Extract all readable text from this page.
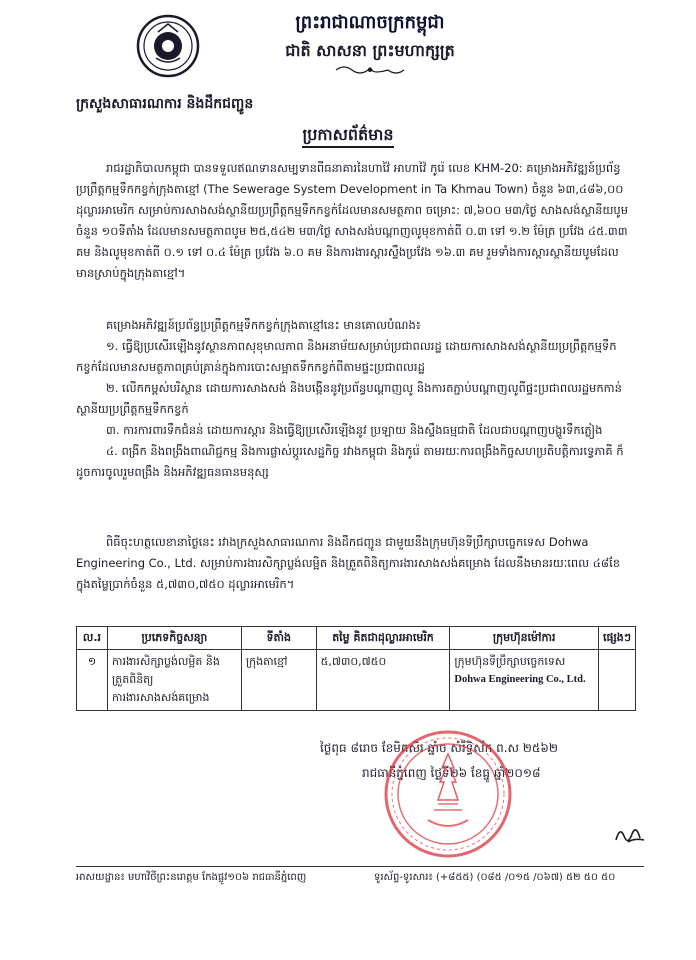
ព្រះរាជាណាចក្រកម្ពុជា
ជាតិ សាសនា ព្រះមហាក្សត្រ
ក្រសួងសាធារណការ និងដឹកជញ្ជូន
ប្រកាសព័ត៌មាន
រាជរដ្ឋាភិបាលកម្ពុជា បានទទួលឥណទានសម្បទានពីធនាគារនៃហាវ៉ៃ អាហាវ៉ៃ កូរ៉េ លេខ KHM-20: គម្រោងអភិវឌ្ឍន៍ប្រព័ន្ធប្រព្រឹត្តកម្មទឹកកខ្វក់ក្រុងតាខ្មៅ (The Sewerage System Development in Ta Khmau Town) ចំនួន ៦៣,៤៨៦,០០ ដុល្លារអាមេរិក សម្រាប់ការសាងសង់ស្ថានីយប្រព្រឹត្តកម្មទឹកកខ្វក់ដែលមានសមត្ថភាព ចម្រោះ: ៧,៦០០ ម៣/ថ្ងៃ សាងសង់ស្ថានីយបូមចំនួន ១០ទីតាំង ដែលមានសមត្ថភាពបូម ២៥,៥៤២ ម៣/ថ្ងៃ សាងសង់បណ្តាញលូមុខកាត់ពី ០.៣ ទៅ ១.២ ម៉ែត្រ ប្រវែង ៤៥.៣៣ គម និងលូមុខកាត់ពី ០.១ ទៅ ០.៤ ម៉ែត្រ ប្រវែង ៦.០ គម និងការងារស្តារស្ទឹងប្រវែង ១៦.៣ គម រួមទាំងការស្តារស្ថានីយបូមដែលមានស្រាប់ក្នុងក្រុងតាខ្មៅ។
គម្រោងអភិវឌ្ឍន៍ប្រព័ន្ធប្រព្រឹត្តកម្មទឹកកខ្វក់ក្រុងតាខ្មៅនេះ មានគោលបំណង៖
១. ធ្វើឱ្យប្រសើរឡើងនូវស្ថានភាពសុខុមាលភាព និងអនាម័យសម្រាប់ប្រជាពលរដ្ឋ ដោយការសាងសង់ស្ថានីយប្រព្រឹត្តកម្មទឹកកខ្វក់ដែលមានសមត្ថភាពគ្រប់គ្រាន់ក្នុងការបោះសម្អាតទឹកកខ្វក់ពីតាមផ្ទះប្រជាពលរដ្ឋ
២. លើកកម្ពស់បរិស្ថាន ដោយការសាងសង់ និងបង្កើននូវប្រព័ន្ធបណ្តាញលូ និងការតភ្ជាប់បណ្តាញលូពីផ្ទះប្រជាពលរដ្ឋមកកាន់ស្ថានីយប្រព្រឹត្តកម្មទឹកកខ្វក់
៣. ការការពារទឹកជំនន់ ដោយការស្តារ និងធ្វើឱ្យប្រសើរឡើងនូវ ប្រឡាយ និងស្ទឹងធម្មជាតិ ដែលជាបណ្តាញបង្ហូរទឹកភ្លៀង
៤. ពង្រីក និងពង្រឹងពាណិជ្ជកម្ម និងការផ្លាស់ប្តូរសេដ្ឋកិច្ច រវាងកម្ពុជា និងកូរ៉េ តាមរយៈការពង្រឹងកិច្ចសហប្រតិបត្តិការទ្វេភាគី ក៏ដូចការចូលរួមពង្រឹង និងអភិវឌ្ឍធនធានមនុស្ស
ពិធីចុះហត្ថលេខានាថ្ងៃនេះ រវាងក្រសួងសាធារណការ និងដឹកជញ្ជូន ជាមួយនឹងក្រុមហ៊ុនទីប្រឹក្សាបច្ចេកទេស Dohwa Engineering Co., Ltd. សម្រាប់ការងារសិក្សាប្លង់លម្អិត និងត្រួតពិនិត្យការងារសាងសង់គម្រោង ដែលនឹងមានរយៈពេល ៤៨ខែ ក្នុងតម្លៃប្រាក់ចំនួន ៥,៧៣០,៧៥០ ដុល្លារអាមេរិក។
ល.រ	ប្រភេទកិច្ចសន្យា	ទីតាំង	តម្លៃ គិតជាដុល្លារអាមេរិក	ក្រុមហ៊ុនម៉ៅការ	ផ្សេងៗ
១	ការងារសិក្សាប្លង់លម្អិត និងត្រួតពិនិត្យការងារសាងសង់គម្រោង	ក្រុងតាខ្មៅ	៥,៧៣០,៧៥០	ក្រុមហ៊ុនទីប្រឹក្សាបច្ចេកទេស
Dohwa Engineering Co., Ltd.	

ថ្ងៃពុធ ៨រោច ខែមិគសិរ ឆ្នាំច សំរឹទ្ធិស័ក ព.ស ២៥៦២
រាជធានីភ្នំពេញ ថ្ងៃទី២៦ ខែធ្នូ ឆ្នាំ២០១៨
អាសយដ្ឋាន៖ មហាវិថីព្រះនរោត្តម កែងផ្លូវ១០៦ រាជធានីភ្នំពេញ	ទូរស័ព្ទ-ទូរសារ៖ (+៨៥៥) (០៨៥ /០១៥ /០៦៧) ៥២ ៥០ ៥០
